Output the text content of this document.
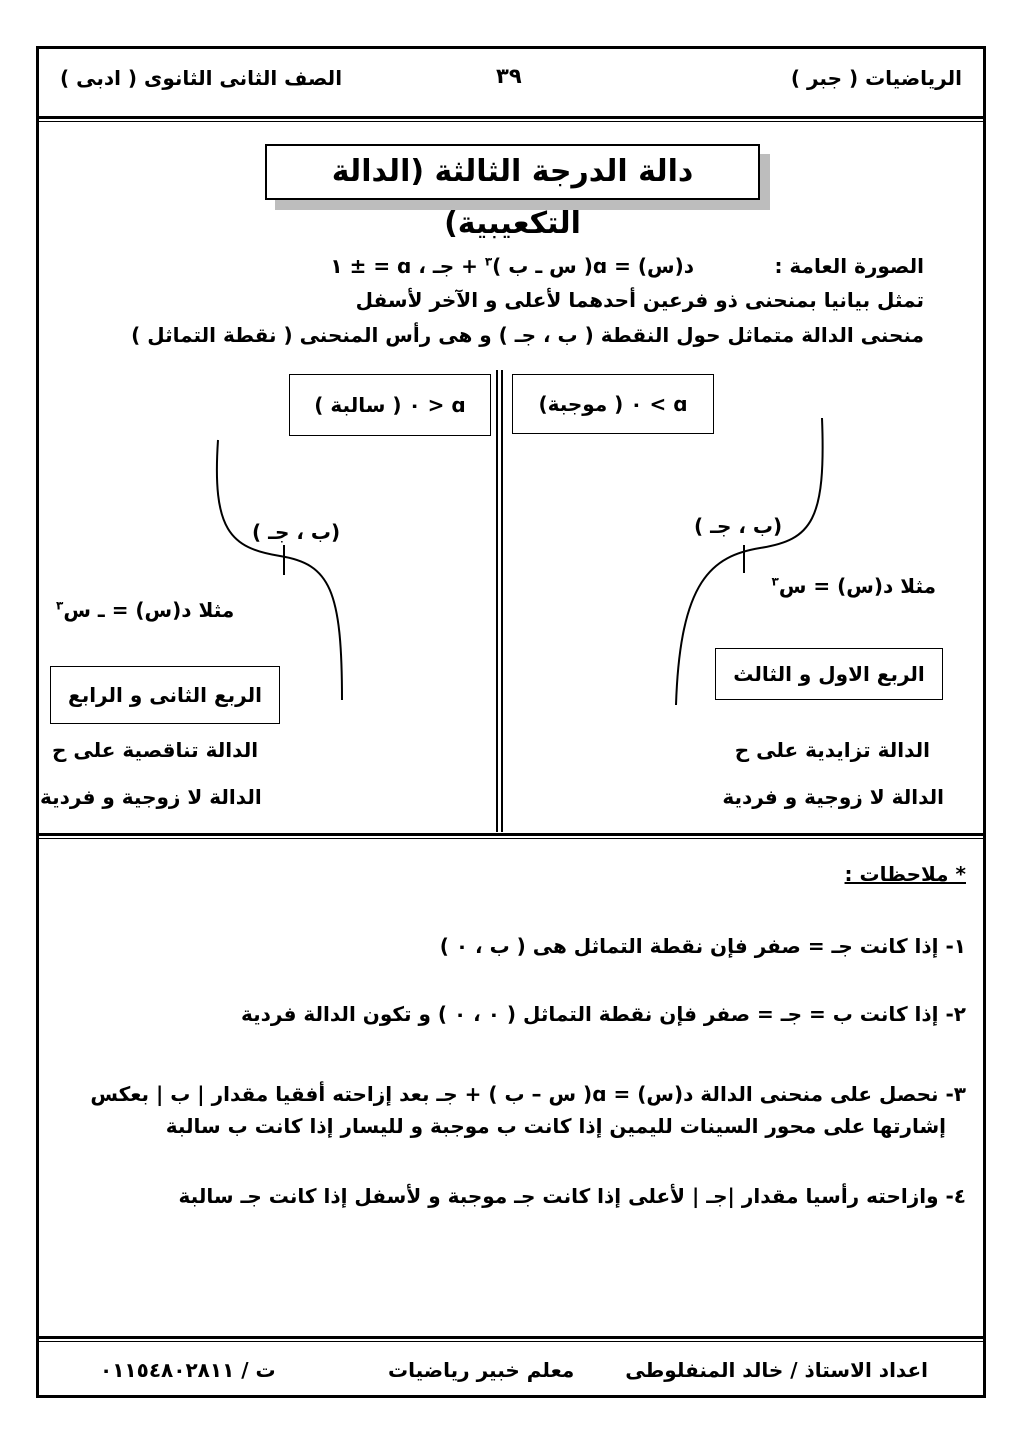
الرياضيات ( جبر )
٣٩
الصف الثانى الثانوى ( ادبى )
دالة الدرجة الثالثة (الدالة التكعيبية)
الصورة العامة :
د(س) = ɑ( س ـ ب )$^٣$ + جـ ، ɑ = ± ١
تمثل بيانيا بمنحنى ذو فرعين أحدهما لأعلى و الآخر لأسفل
منحنى الدالة متماثل حول النقطة ( ب ، جـ ) و هى رأس المنحنى ( نقطة التماثل )
ɑ > ٠ ( موجبة)
ɑ < ٠ ( سالبة )
(ب ، جـ )
مثلا د(س) = س$^٣$
الربع الاول و الثالث
الدالة تزايدية على ح
الدالة لا زوجية و فردية
(ب ، جـ )
مثلا د(س) = ـ س$^٣$
الربع الثانى و الرابع
الدالة تناقصية على ح
الدالة لا زوجية و فردية
* ملاحظات :
١- إذا كانت جـ = صفر فإن نقطة التماثل هى ( ب ، ٠ )
٢- إذا كانت ب = جـ = صفر فإن نقطة التماثل ( ٠ ، ٠ ) و تكون الدالة فردية
٣- نحصل على منحنى الدالة د(س) = ɑ( س – ب ) + جـ بعد إزاحته أفقيا مقدار | ب | بعكس
إشارتها على محور السينات لليمين إذا كانت ب موجبة و لليسار إذا كانت ب سالبة
٤- وازاحته رأسيا مقدار |جـ | لأعلى إذا كانت جـ موجبة و لأسفل إذا كانت جـ سالبة
اعداد الاستاذ / خالد المنفلوطى
معلم خبير رياضيات
ت / ٠١١٥٤٨٠٢٨١١
